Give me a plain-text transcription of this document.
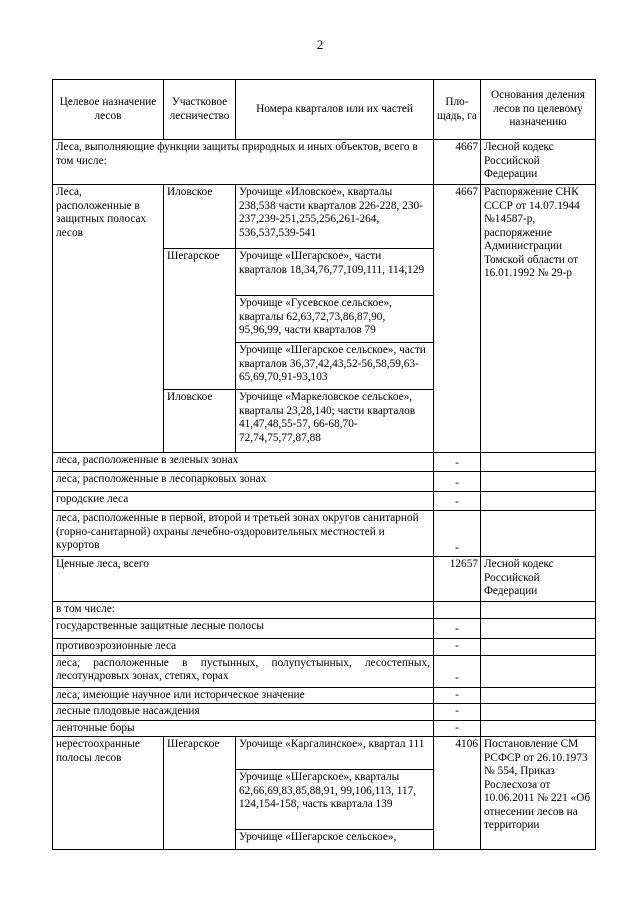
2
Целевое назначение лесов	Участковое лесничество	Номера кварталов или их частей	Пло-щадь, га	Основания деления лесов по целевому назначению
Леса, выполняющие функции защиты природных и иных объектов, всего в том числе:			4667	Лесной кодекс Российской Федерации
Леса, расположенные в защитных полосах лесов	Иловское	Урочище «Иловское», кварталы 238,538 части кварталов 226-228, 230-237,239-251,255,256,261-264, 536,537,539-541	4667	Распоряжение СНК СССР от 14.07.1944 №14587-р, распоряжение Администрации Томской области от 16.01.1992 № 29-р
	Шегарское	Урочище «Шегарское», части кварталов 18,34,76,77,109,111, 114,129		
		Урочище «Гусевское сельское», кварталы 62,63,72,73,86,87,90, 95,96,99, части кварталов 79		
		Урочище «Шегарское сельское», части кварталов 36,37,42,43,52-56,58,59,63-65,69,70,91-93,103		
	Иловское	Урочище «Маркеловское сельское», кварталы 23,28,140; части кварталов 41,47,48,55-57, 66-68,70-72,74,75,77,87,88		
леса, расположенные в зеленых зонах			-	
леса, расположенные в лесопарковых зонах			-	
городские леса			-	
леса, расположенные в первой, второй и третьей зонах округов санитарной (горно-санитарной) охраны лечебно-оздоровительных местностей и курортов			-	
Ценные леса, всего			12657	Лесной кодекс Российской Федерации
в том числе:				
государственные защитные лесные полосы			-	
противоэрозионные леса			-	
леса, расположенные в пустынных, полупустынных, лесостепных, лесотундровых зонах, степях, горах			-	
леса, имеющие научное или историческое значение			-	
лесные плодовые насаждения			-	
ленточные боры			-	
нерестоохранные полосы лесов	Шегарское	Урочище «Каргалинское», квартал 111	4106	Постановление СМ РСФСР от 26.10.1973 № 554, Приказ Рослесхоза от 10.06.2011 № 221 «Об отнесении лесов на территории
		Урочище «Шегарское», кварталы 62,66,69,83,85,88,91, 99,106,113, 117, 124,154-158, часть квартала 139		
		Урочище «Шегарское сельское»,		
